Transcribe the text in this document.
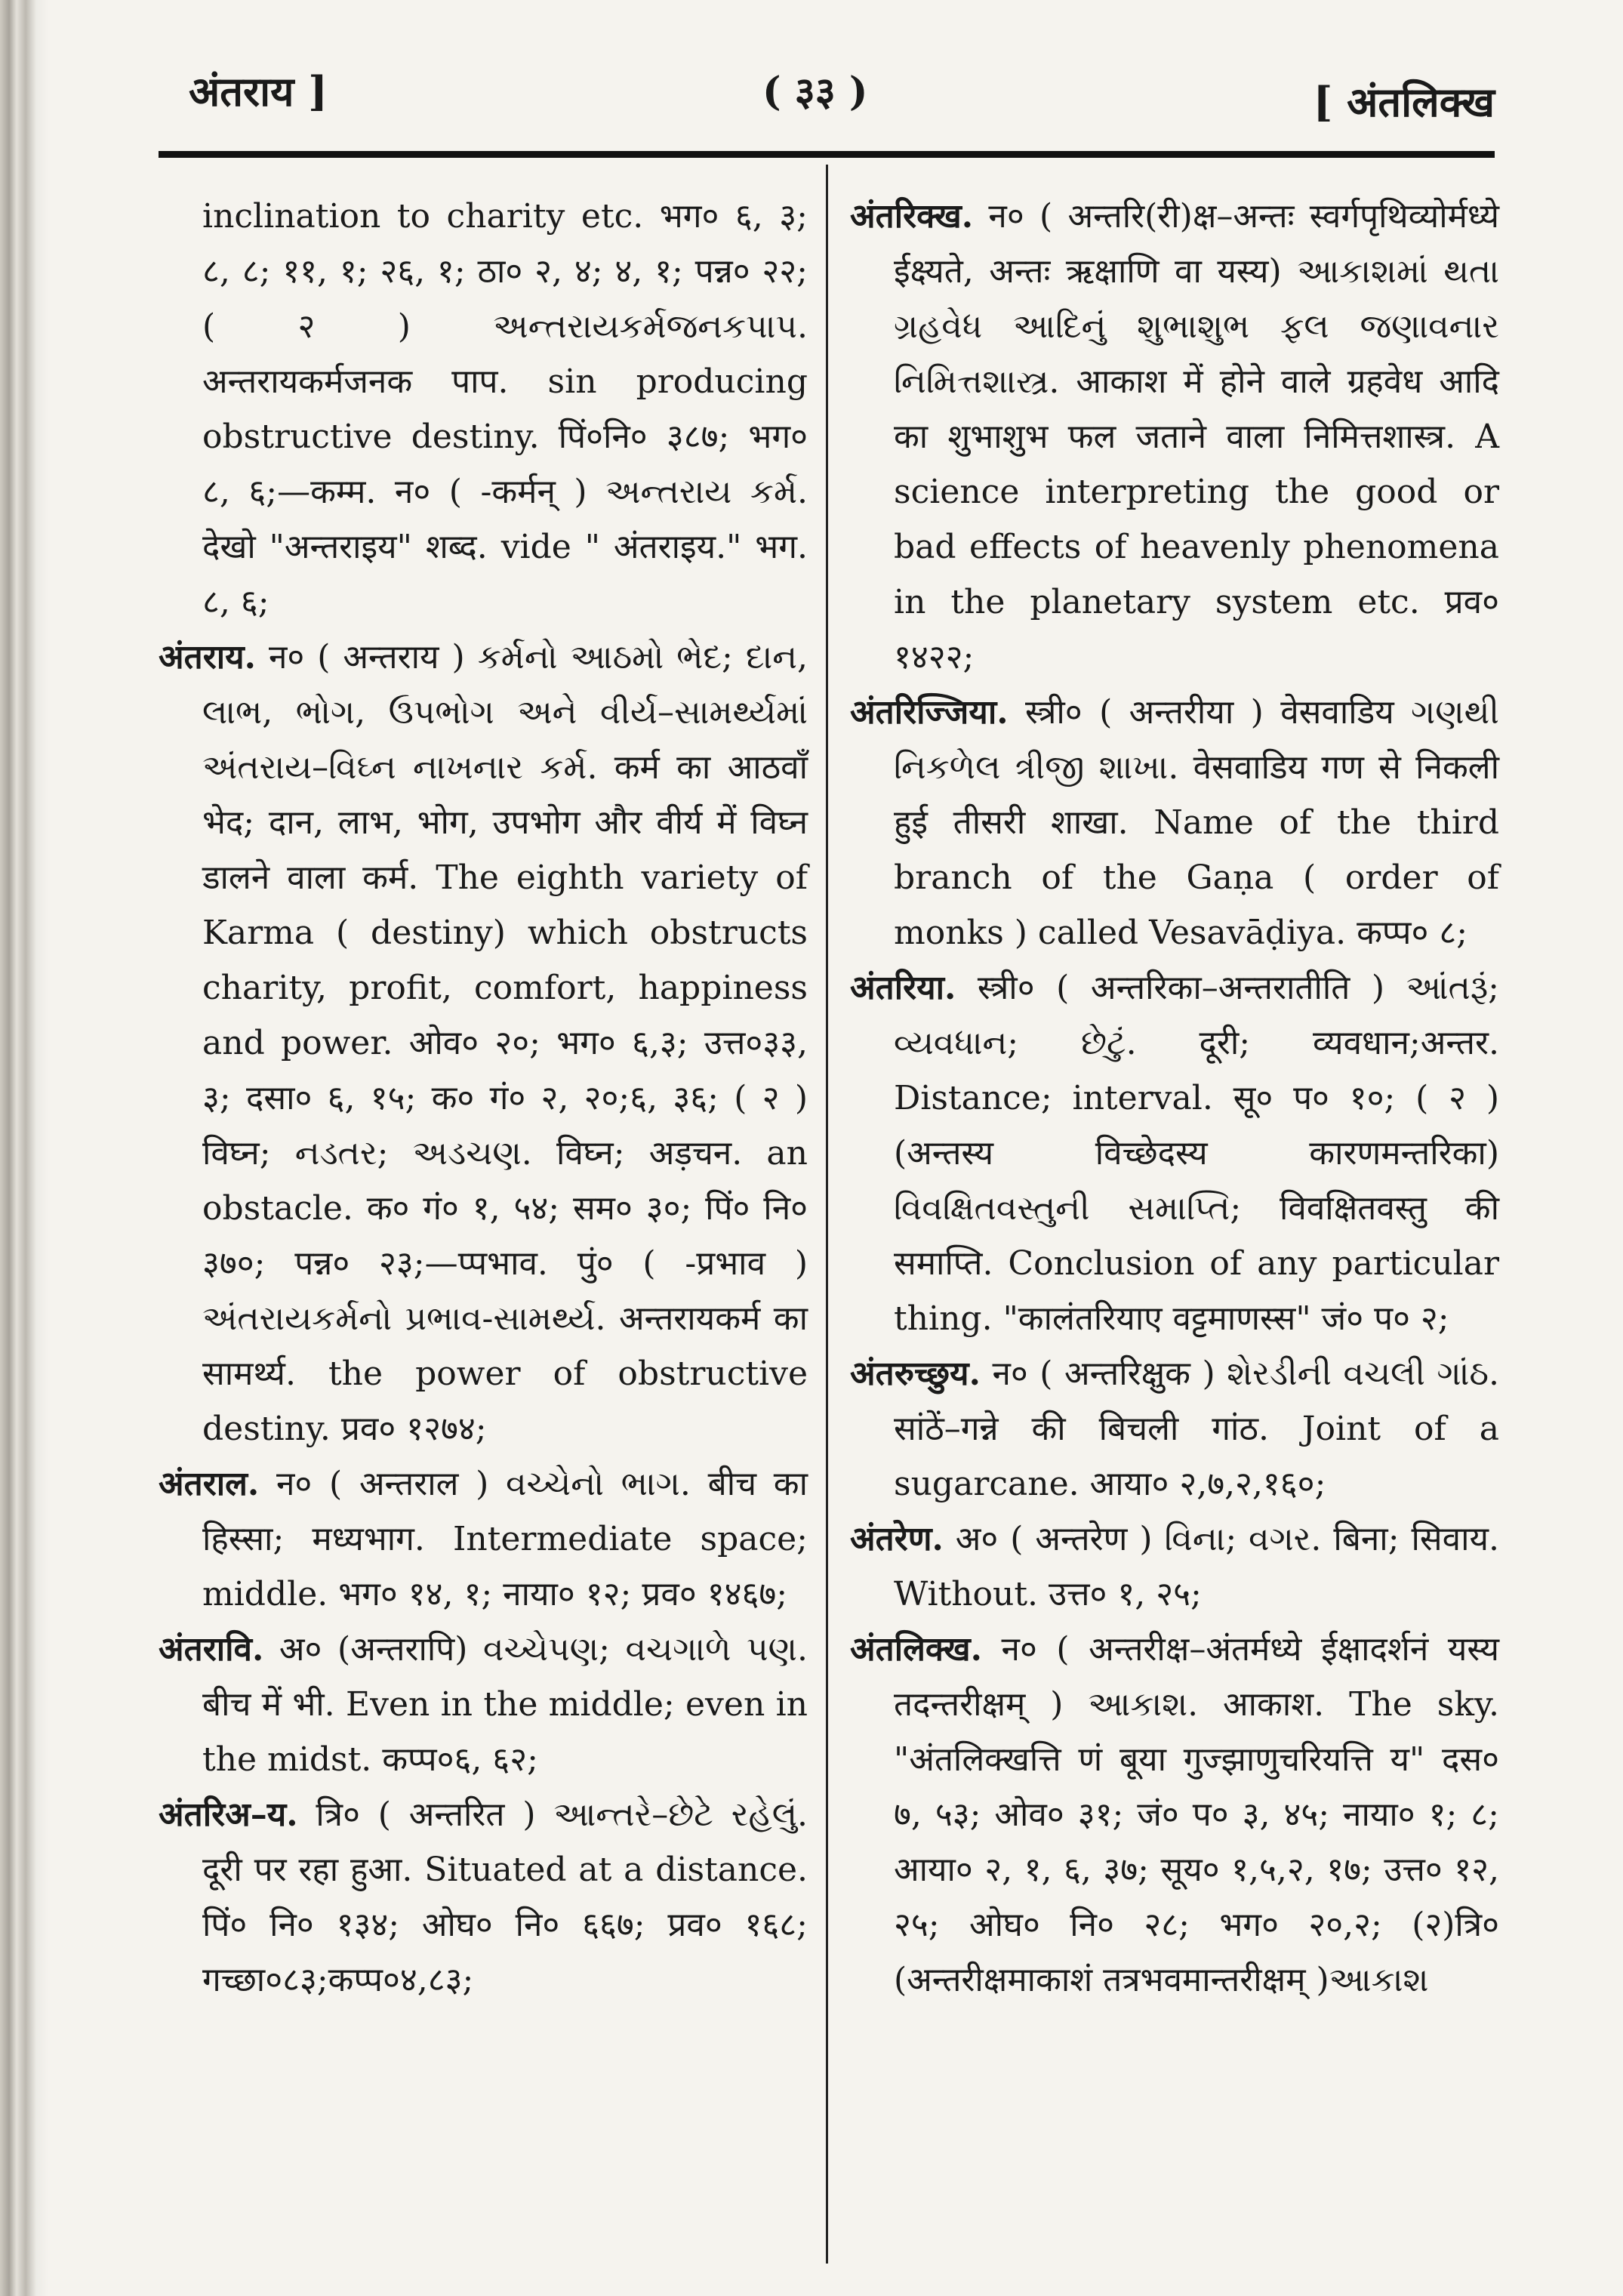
अंतराय ]	( ३३ )	[ अंतलिक्ख

inclination to charity etc. भग० ६, ३; ८, ८; ११, १; २६, १; ठा० २, ४; ४, १; पन्न० २२; ( २ ) અન્તરાયકર્મજનકપાપ. अन्तरायकर्मजनक पाप. sin producing obstructive destiny. पिं०नि० ३८७; भग० ८, ६;—कम्म. न० ( -कर्मन् ) અન્તરાય કર્મ. देखो "अन्तराइय" शब्द. vide " अंतराइय." भग. ८, ६;

अंतराय. न० ( अन्तराय ) કર્મનો આઠમો ભેદ; દાન, લાભ, ભોગ, ઉપભોગ અને વીર્ય–સામર્થ્યમાં અંતરાય–વિઘ્ન નાખનાર કર્મ. कर्म का आठवाँ भेद; दान, लाभ, भोग, उपभोग और वीर्य में विघ्न डालने वाला कर्म. The eighth variety of Karma ( destiny) which obstructs charity, profit, comfort, happiness and power. ओव० २०; भग० ६,३; उत्त०३३, ३; दसा० ६, १५; क० गं० २, २०;६, ३६; ( २ ) विघ्न; નડતર; અડચણ. विघ्न; अड़चन. an obstacle. क० गं० १, ५४; सम० ३०; पिं० नि० ३७०; पन्न० २३;—प्पभाव. पुं० ( -प्रभाव ) અંતરાયકર્મનો પ્રભાવ-સામર્થ્ય. अन्तरायकर्म का सामर्थ्य. the power of obstructive destiny. प्रव० १२७४;

अंतराल. न० ( अन्तराल ) વચ્ચેનો ભાગ. बीच का हिस्सा; मध्यभाग. Intermediate space; middle. भग० १४, १; नाया० १२; प्रव० १४६७;

अंतरावि. अ० (अन्तरापि) વચ્ચેપણ; વચગાળે પણ. बीच में भी. Even in the middle; even in the midst. कप्प०६, ६२;

अंतरिअ–य. त्रि० ( अन्तरित ) આન્તરે–છેટે રહેલું. दूरी पर रहा हुआ. Situated at a distance. पिं० नि० १३४; ओघ० नि० ६६७; प्रव० १६८; गच्छा०८३;कप्प०४,८३;

अंतरिक्ख. न० ( अन्तरि(री)क्ष–अन्तः स्वर्गपृथिव्योर्मध्ये ईक्ष्यते, अन्तः ऋक्षाणि वा यस्य) આકાશમાં થતા ગ્રહવેધ આદિનું શુભાશુભ ફલ જણાવનાર નિમિત્તશાસ્ત્ર. आकाश में होने वाले ग्रहवेध आदि का शुभाशुभ फल जताने वाला निमित्तशास्त्र. A science interpreting the good or bad effects of heavenly phenomena in the planetary system etc. प्रव० १४२२;

अंतरिज्जिया. स्त्री० ( अन्तरीया ) वेसवाडिय ગણથી નિકળેલ ત્રીજી શાખા. वेसवाडिय गण से निकली हुई तीसरी शाखा. Name of the third branch of the Gaṇa ( order of monks ) called Vesavāḍiya. कप्प० ८;

अंतरिया. स्त्री० ( अन्तरिका–अन्तरातीति ) આંતરૂં; વ્યવધાન; છેટું. दूरी; व्यवधान;अन्तर. Distance; interval. सू० प० १०; ( २ ) (अन्तस्य विच्छेदस्य कारणमन्तरिका) વિવક્ષિતવસ્તુની સમાપ્તિ; विवक्षितवस्तु की समाप्ति. Conclusion of any particular thing. "कालंतरियाए वट्टमाणस्स" जं० प० २;

अंतरुच्छुय. न० ( अन्तरिक्षुक ) શેરડીની વચલી ગાંઠ. सांठें–गन्ने की बिचली गांठ. Joint of a sugarcane. आया० २,७,२,१६०;

अंतरेण. अ० ( अन्तरेण ) વિના; વગર. बिना; सिवाय. Without. उत्त० १, २५;

अंतलिक्ख. न० ( अन्तरीक्ष–अंतर्मध्ये ईक्षादर्शनं यस्य तदन्तरीक्षम् ) આકાશ. आकाश. The sky. "अंतलिक्खत्ति णं बूया गुज्झाणुचरियत्ति य" दस० ७, ५३; ओव० ३१; जं० प० ३, ४५; नाया० १; ८; आया० २, १, ६, ३७; सूय० १,५,२, १७; उत्त० १२, २५; ओघ० नि० २८; भग० २०,२; (२)त्रि० (अन्तरीक्षमाकाशं तत्रभवमान्तरीक्षम् )આકાશ
